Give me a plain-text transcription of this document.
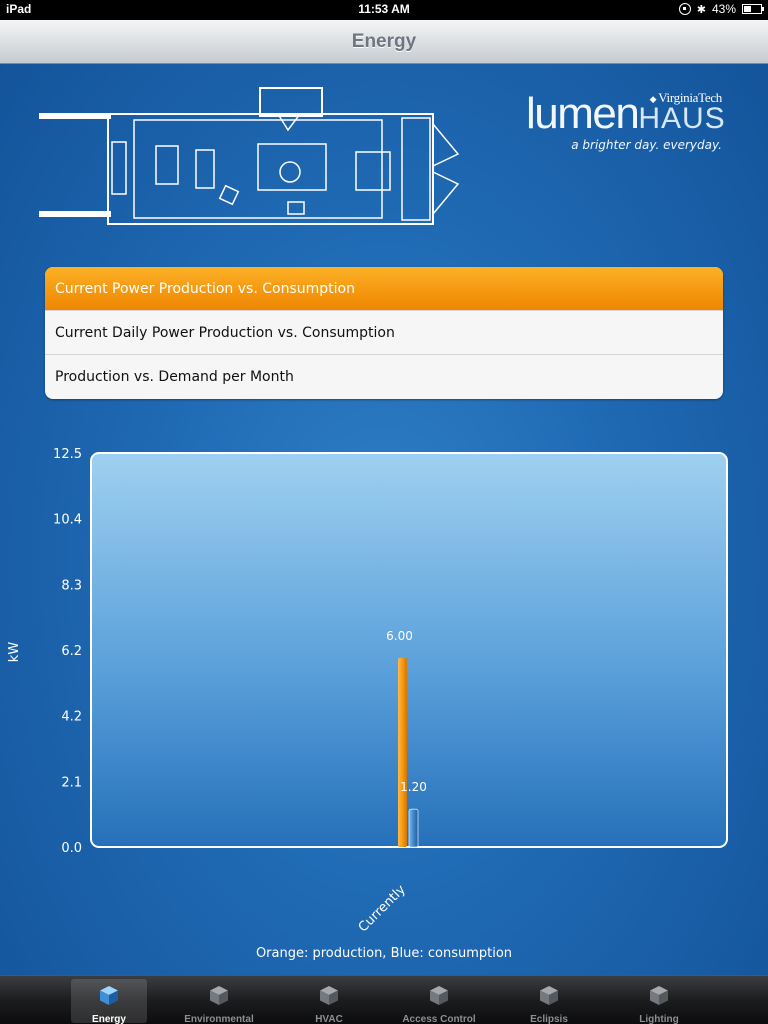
iPad	11:53 AM	✱ 43%
Energy
◆ VirginiaTech
lumenHAUS
a brighter day. everyday.
Current Power Production vs. Consumption
Current Daily Power Production vs. Consumption
Production vs. Demand per Month
0.0
2.1
4.2
6.2
8.3
10.4
12.5
kW
6.00
1.20
Currently
Orange: production, Blue: consumption
Energy	Environmental	HVAC	Access Control	Eclipsis	Lighting
